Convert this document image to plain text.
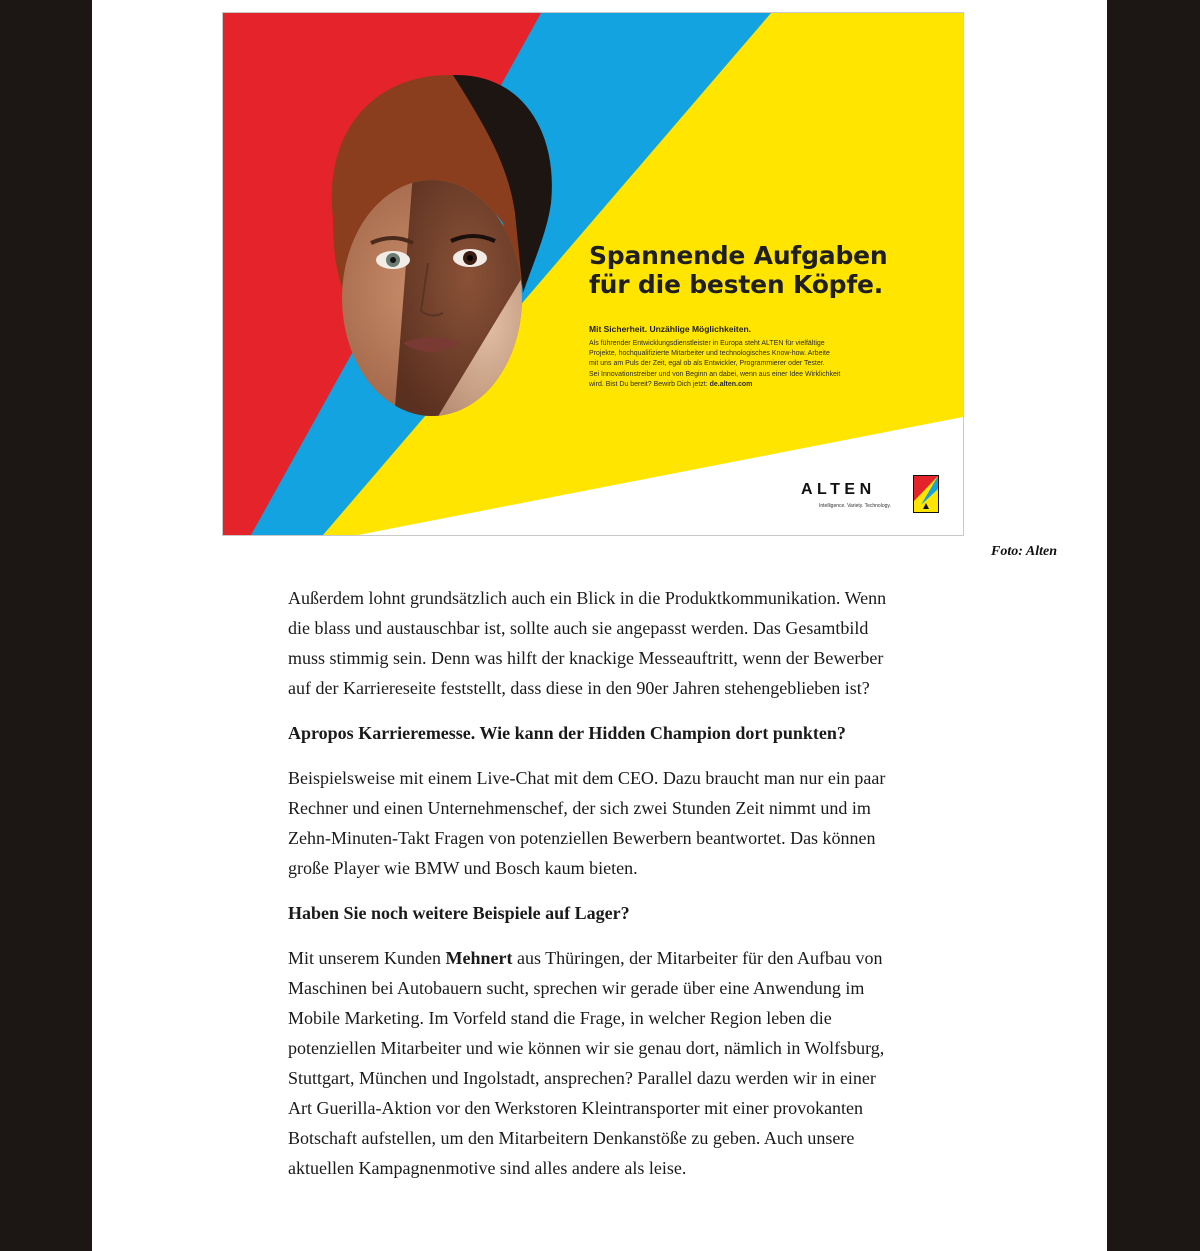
Spannende Aufgaben
für die besten Köpfe.
Mit Sicherheit. Unzählige Möglichkeiten.
Als führender Entwicklungsdienstleister in Europa steht ALTEN für vielfältige
Projekte, hochqualifizierte Mitarbeiter und technologisches Know-how. Arbeite
mit uns am Puls der Zeit, egal ob als Entwickler, Programmierer oder Tester.
Sei Innovationstreiber und von Beginn an dabei, wenn aus einer Idee Wirklichkeit
wird. Bist Du bereit? Bewirb Dich jetzt: de.alten.com
ALTEN
Intelligence. Variety. Technology.
Foto: Alten

Außerdem lohnt grundsätzlich auch ein Blick in die Produktkommunikation. Wenn die blass und austauschbar ist, sollte auch sie angepasst werden. Das Gesamtbild muss stimmig sein. Denn was hilft der knackige Messeauftritt, wenn der Bewerber auf der Karriereseite feststellt, dass diese in den 90er Jahren stehengeblieben ist?

Apropos Karrieremesse. Wie kann der Hidden Champion dort punkten?

Beispielsweise mit einem Live-Chat mit dem CEO. Dazu braucht man nur ein paar Rechner und einen Unternehmenschef, der sich zwei Stunden Zeit nimmt und im Zehn-Minuten-Takt Fragen von potenziellen Bewerbern beantwortet. Das können große Player wie BMW und Bosch kaum bieten.

Haben Sie noch weitere Beispiele auf Lager?

Mit unserem Kunden Mehnert aus Thüringen, der Mitarbeiter für den Aufbau von Maschinen bei Autobauern sucht, sprechen wir gerade über eine Anwendung im Mobile Marketing. Im Vorfeld stand die Frage, in welcher Region leben die potenziellen Mitarbeiter und wie können wir sie genau dort, nämlich in Wolfsburg, Stuttgart, München und Ingolstadt, ansprechen? Parallel dazu werden wir in einer Art Guerilla-Aktion vor den Werkstoren Kleintransporter mit einer provokanten Botschaft aufstellen, um den Mitarbeitern Denkanstöße zu geben. Auch unsere aktuellen Kampagnenmotive sind alles andere als leise.
